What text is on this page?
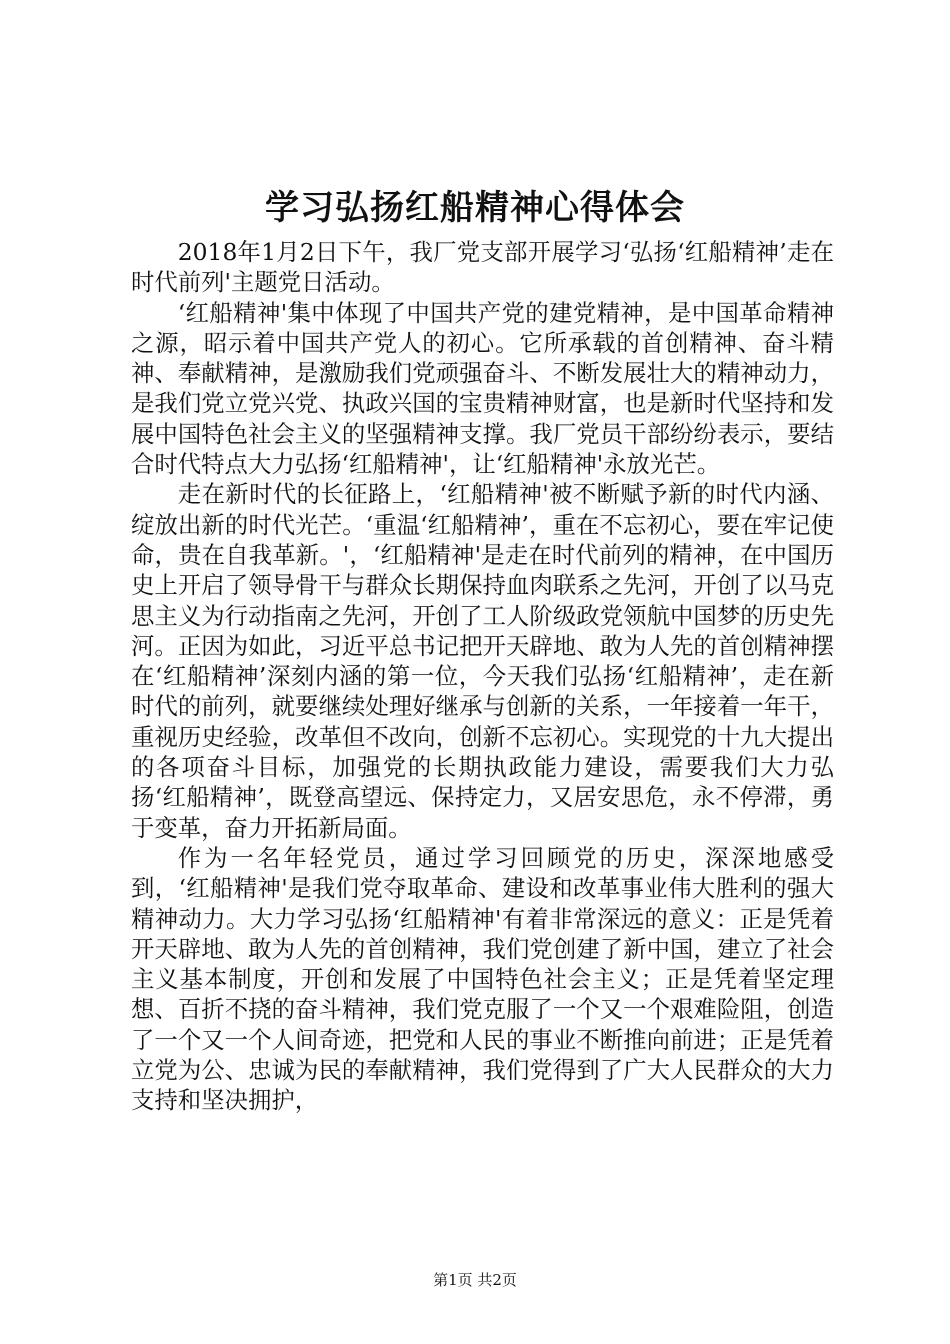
学习弘扬红船精神心得体会

2018年1月2日下午，我厂党支部开展学习‘弘扬‘红船精神’走在时代前列'主题党日活动。

‘红船精神'集中体现了中国共产党的建党精神，是中国革命精神之源，昭示着中国共产党人的初心。它所承载的首创精神、奋斗精神、奉献精神，是激励我们党顽强奋斗、不断发展壮大的精神动力，是我们党立党兴党、执政兴国的宝贵精神财富，也是新时代坚持和发展中国特色社会主义的坚强精神支撑。我厂党员干部纷纷表示，要结合时代特点大力弘扬‘红船精神'，让‘红船精神'永放光芒。

走在新时代的长征路上，‘红船精神'被不断赋予新的时代内涵、绽放出新的时代光芒。‘重温‘红船精神’，重在不忘初心，要在牢记使命，贵在自我革新。'，‘红船精神'是走在时代前列的精神，在中国历史上开启了领导骨干与群众长期保持血肉联系之先河，开创了以马克思主义为行动指南之先河，开创了工人阶级政党领航中国梦的历史先河。正因为如此，习近平总书记把开天辟地、敢为人先的首创精神摆在‘红船精神’深刻内涵的第一位，今天我们弘扬‘红船精神’，走在新时代的前列，就要继续处理好继承与创新的关系，一年接着一年干，重视历史经验，改革但不改向，创新不忘初心。实现党的十九大提出的各项奋斗目标，加强党的长期执政能力建设，需要我们大力弘扬‘红船精神’，既登高望远、保持定力，又居安思危，永不停滞，勇于变革，奋力开拓新局面。

作为一名年轻党员，通过学习回顾党的历史，深深地感受到，‘红船精神'是我们党夺取革命、建设和改革事业伟大胜利的强大精神动力。大力学习弘扬‘红船精神'有着非常深远的意义：正是凭着开天辟地、敢为人先的首创精神，我们党创建了新中国，建立了社会主义基本制度，开创和发展了中国特色社会主义；正是凭着坚定理想、百折不挠的奋斗精神，我们党克服了一个又一个艰难险阻，创造了一个又一个人间奇迹，把党和人民的事业不断推向前进；正是凭着立党为公、忠诚为民的奉献精神，我们党得到了广大人民群众的大力支持和坚决拥护，

第1页 共2页
